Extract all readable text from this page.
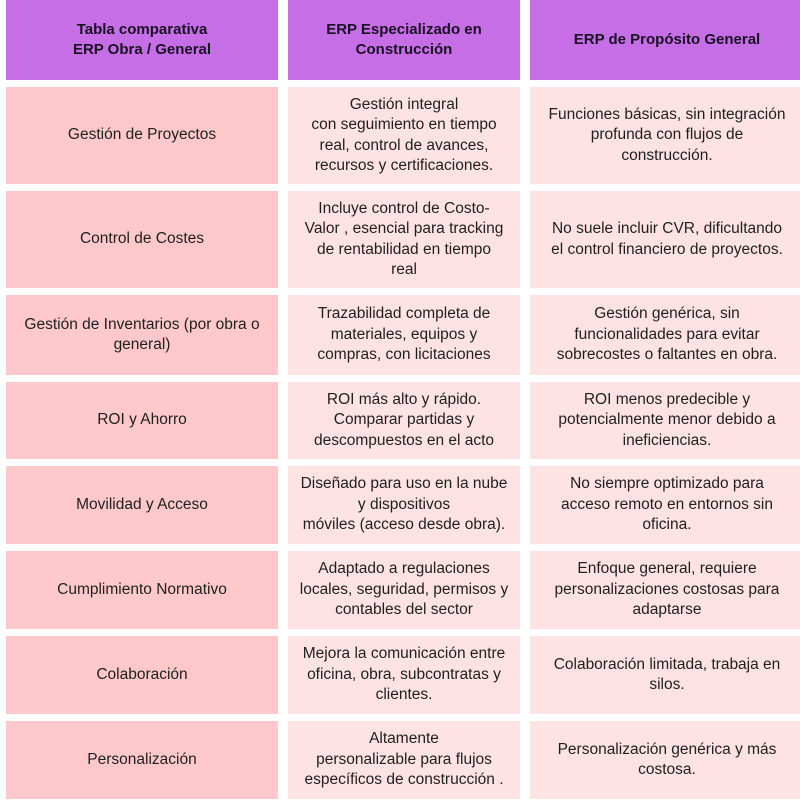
Tabla comparativa
ERP Obra / General
ERP Especializado en
Construcción
ERP de Propósito General
Gestión de Proyectos
Gestión integral
con seguimiento en tiempo
real, control de avances,
recursos y certificaciones.
Funciones básicas, sin integración
profunda con flujos de
construcción.
Control de Costes
Incluye control de Costo-
Valor , esencial para tracking
de rentabilidad en tiempo
real
No suele incluir CVR, dificultando
el control financiero de proyectos.
Gestión de Inventarios (por obra o
general)
Trazabilidad completa de
materiales, equipos y
compras, con licitaciones
Gestión genérica, sin
funcionalidades para evitar
sobrecostes o faltantes en obra.
ROI y Ahorro
ROI más alto y rápido.
Comparar partidas y
descompuestos en el acto
ROI menos predecible y
potencialmente menor debido a
ineficiencias.
Movilidad y Acceso
Diseñado para uso en la nube
y dispositivos
móviles (acceso desde obra).
No siempre optimizado para
acceso remoto en entornos sin
oficina.
Cumplimiento Normativo
Adaptado a regulaciones
locales, seguridad, permisos y
contables del sector
Enfoque general, requiere
personalizaciones costosas para
adaptarse
Colaboración
Mejora la comunicación entre
oficina, obra, subcontratas y
clientes.
Colaboración limitada, trabaja en
silos.
Personalización
Altamente
personalizable para flujos
específicos de construcción .
Personalización genérica y más
costosa.
